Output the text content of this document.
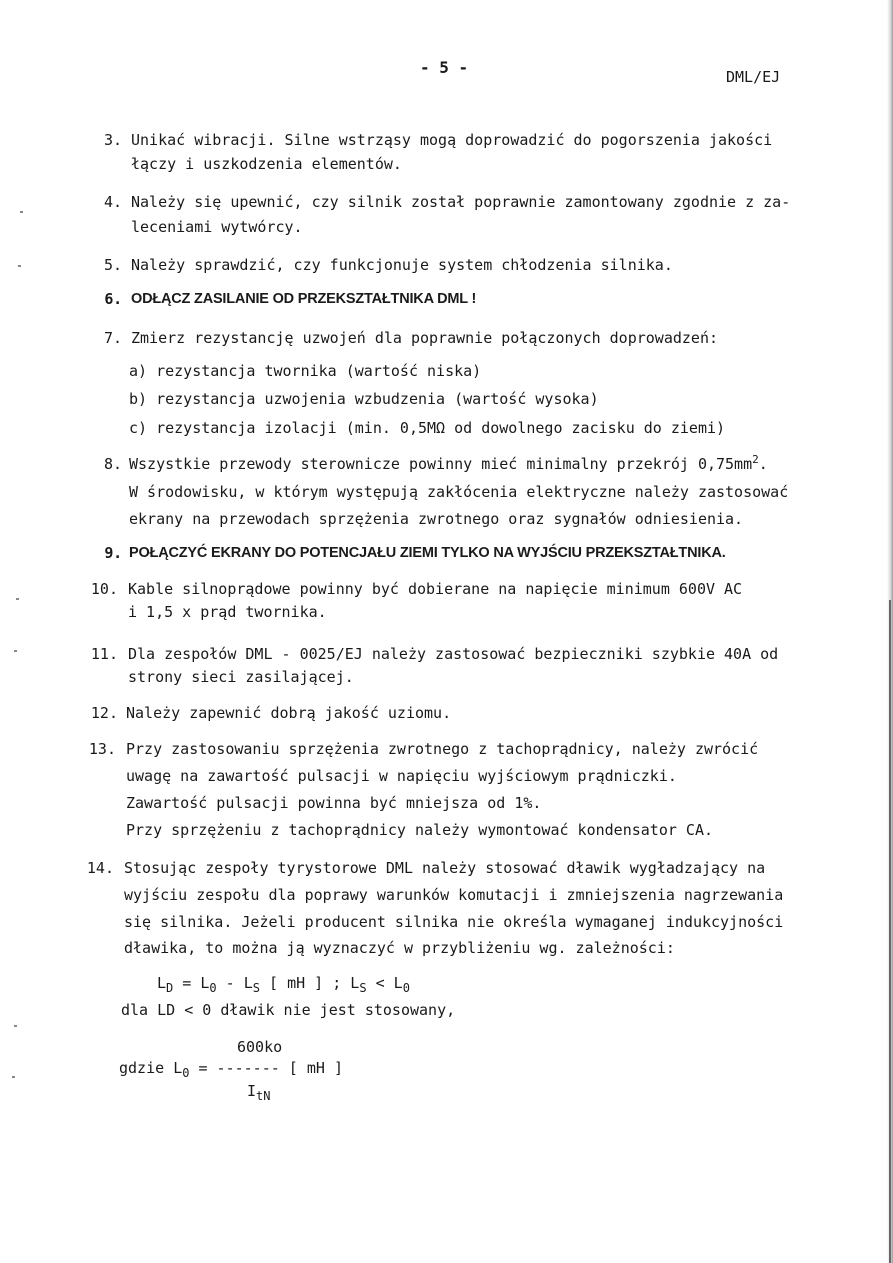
- 5 -	DML/EJ
3. Unikać wibracji. Silne wstrząsy mogą doprowadzić do pogorszenia jakości
łączy i uszkodzenia elementów.
4. Należy się upewnić, czy silnik został poprawnie zamontowany zgodnie z za-
leceniami wytwórcy.
5. Należy sprawdzić, czy funkcjonuje system chłodzenia silnika.
6. ODŁĄCZ ZASILANIE OD PRZEKSZTAŁTNIKA DML !
7. Zmierz rezystancję uzwojeń dla poprawnie połączonych doprowadzeń:
a) rezystancja twornika (wartość niska)
b) rezystancja uzwojenia wzbudzenia (wartość wysoka)
c) rezystancja izolacji (min. 0,5MΩ od dowolnego zacisku do ziemi)
8. Wszystkie przewody sterownicze powinny mieć minimalny przekrój $0,75mm^2$.
W środowisku, w którym występują zakłócenia elektryczne należy zastosować
ekrany na przewodach sprzężenia zwrotnego oraz sygnałów odniesienia.
9. POŁĄCZYĆ EKRANY DO POTENCJAŁU ZIEMI TYLKO NA WYJŚCIU PRZEKSZTAŁTNIKA.
10. Kable silnoprądowe powinny być dobierane na napięcie minimum 600V AC
i 1,5 x prąd twornika.
11. Dla zespołów DML - 0025/EJ należy zastosować bezpieczniki szybkie 40A od
strony sieci zasilającej.
12. Należy zapewnić dobrą jakość uziomu.
13. Przy zastosowaniu sprzężenia zwrotnego z tachoprądnicy, należy zwrócić
uwagę na zawartość pulsacji w napięciu wyjściowym prądniczki.
Zawartość pulsacji powinna być mniejsza od 1%.
Przy sprzężeniu z tachoprądnicy należy wymontować kondensator CA.
14. Stosując zespoły tyrystorowe DML należy stosować dławik wygładzający na
wyjściu zespołu dla poprawy warunków komutacji i zmniejszenia nagrzewania
się silnika. Jeżeli producent silnika nie określa wymaganej indukcyjności
dławika, to można ją wyznaczyć w przybliżeniu wg. zależności:
$L_D = L_0 - L_S$ [ mH ] ; $L_S < L_0$
dla LD < 0 dławik nie jest stosowany,
600ko
gdzie $L_0$ = ------- [ mH ]
$I_{tN}$
